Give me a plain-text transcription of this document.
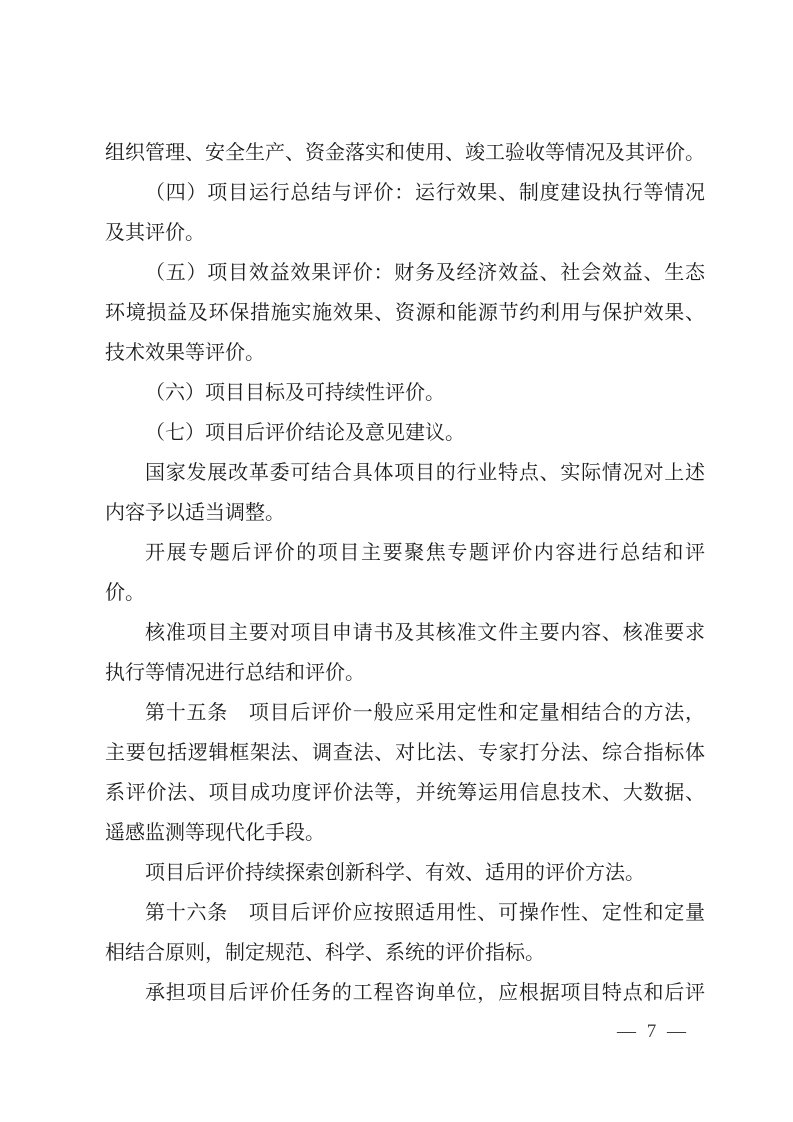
组织管理、安全生产、资金落实和使用、竣工验收等情况及其评价。

（四）项目运行总结与评价：运行效果、制度建设执行等情况

及其评价。

（五）项目效益效果评价：财务及经济效益、社会效益、生态

环境损益及环保措施实施效果、资源和能源节约利用与保护效果、

技术效果等评价。

（六）项目目标及可持续性评价。

（七）项目后评价结论及意见建议。

国家发展改革委可结合具体项目的行业特点、实际情况对上述

内容予以适当调整。

开展专题后评价的项目主要聚焦专题评价内容进行总结和评

价。

核准项目主要对项目申请书及其核准文件主要内容、核准要求

执行等情况进行总结和评价。

第十五条　项目后评价一般应采用定性和定量相结合的方法，

主要包括逻辑框架法、调查法、对比法、专家打分法、综合指标体

系评价法、项目成功度评价法等，并统筹运用信息技术、大数据、

遥感监测等现代化手段。

项目后评价持续探索创新科学、有效、适用的评价方法。

第十六条　项目后评价应按照适用性、可操作性、定性和定量

相结合原则，制定规范、科学、系统的评价指标。

承担项目后评价任务的工程咨询单位，应根据项目特点和后评

— 7 —
